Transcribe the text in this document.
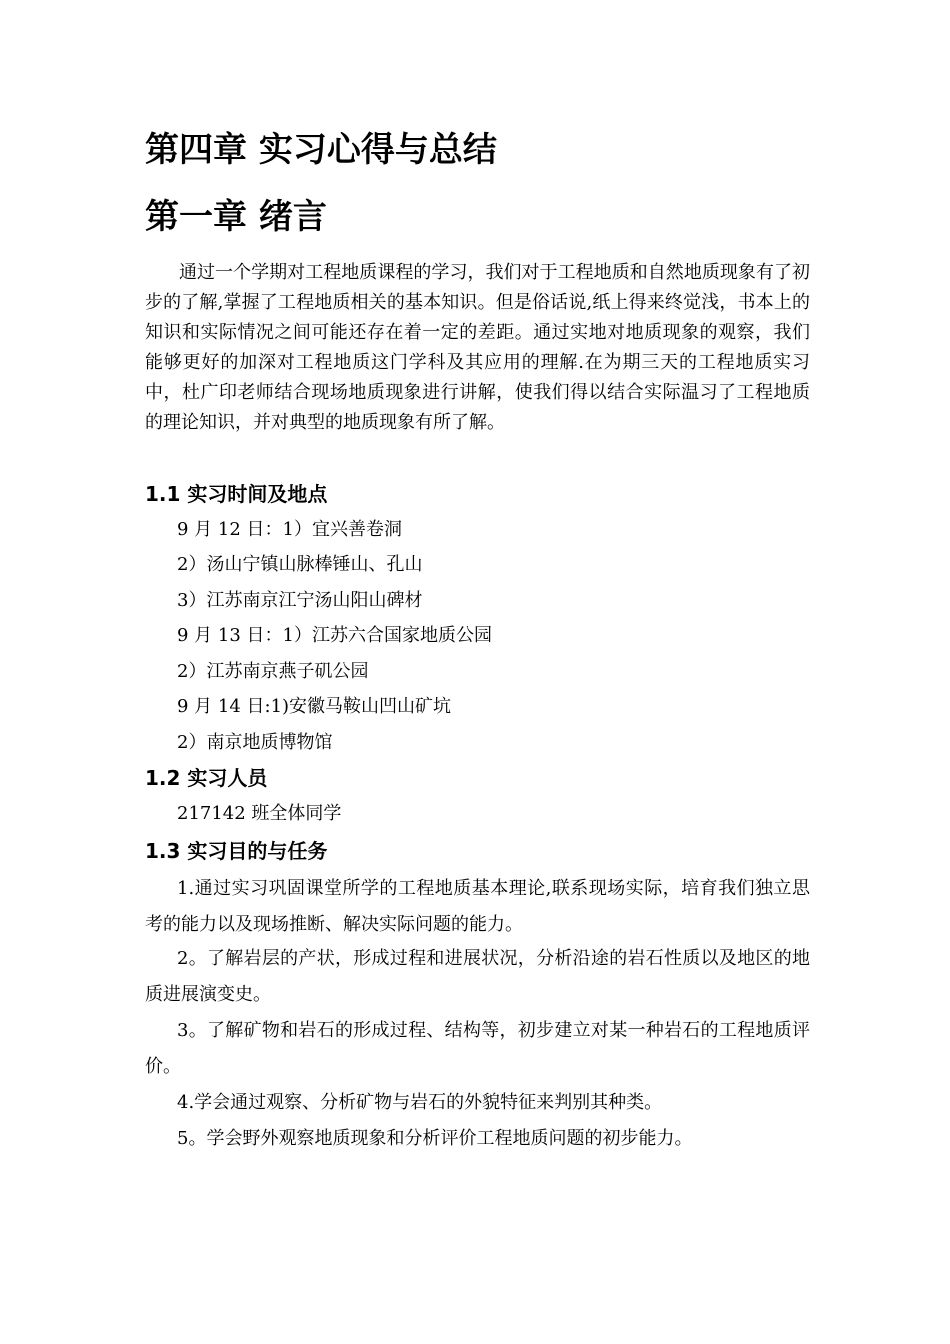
第四章 实习心得与总结
第一章 绪言
通过一个学期对工程地质课程的学习，我们对于工程地质和自然地质现象有了初步的了解,掌握了工程地质相关的基本知识。但是俗话说,纸上得来终觉浅，书本上的知识和实际情况之间可能还存在着一定的差距。通过实地对地质现象的观察，我们能够更好的加深对工程地质这门学科及其应用的理解.在为期三天的工程地质实习中，杜广印老师结合现场地质现象进行讲解，使我们得以结合实际温习了工程地质的理论知识，并对典型的地质现象有所了解。
1.1 实习时间及地点
9 月 12 日：1）宜兴善卷洞
2）汤山宁镇山脉棒锤山、孔山
3）江苏南京江宁汤山阳山碑材
9 月 13 日：1）江苏六合国家地质公园
2）江苏南京燕子矶公园
9 月 14 日:1)安徽马鞍山凹山矿坑
2）南京地质博物馆
1.2 实习人员
217142 班全体同学
1.3 实习目的与任务
1.通过实习巩固课堂所学的工程地质基本理论,联系现场实际，培育我们独立思考的能力以及现场推断、解决实际问题的能力。
2。了解岩层的产状，形成过程和进展状况，分析沿途的岩石性质以及地区的地质进展演变史。
3。了解矿物和岩石的形成过程、结构等，初步建立对某一种岩石的工程地质评价。
4.学会通过观察、分析矿物与岩石的外貌特征来判别其种类。
5。学会野外观察地质现象和分析评价工程地质问题的初步能力。
